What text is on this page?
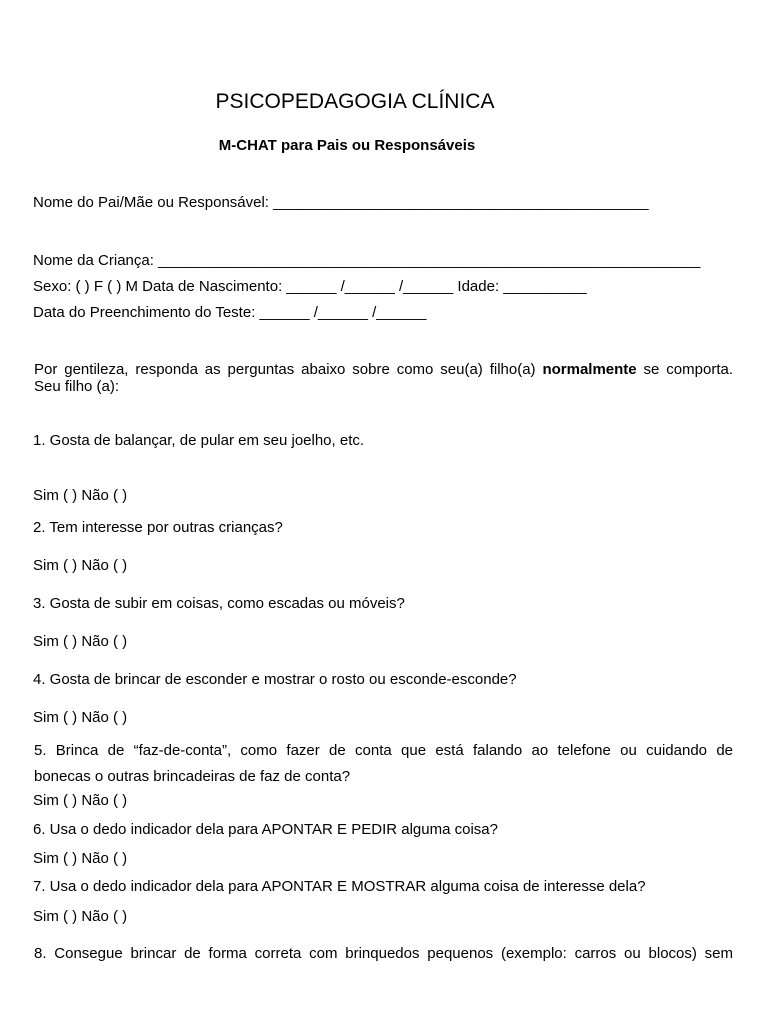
PSICOPEDAGOGIA CLÍNICA
M-CHAT para Pais ou Responsáveis
Nome do Pai/Mãe ou Responsável: _____________________________________________
Nome da Criança: _________________________________________________________________
Sexo: ( ) F ( ) M Data de Nascimento: ______ /______ /______ Idade: __________
Data do Preenchimento do Teste: ______ /______ /______
Por gentileza, responda as perguntas abaixo sobre como seu(a) filho(a) normalmente se comporta.
Seu filho (a):
1. Gosta de balançar, de pular em seu joelho, etc.
Sim ( ) Não ( )
2. Tem interesse por outras crianças?
Sim ( ) Não ( )
3. Gosta de subir em coisas, como escadas ou móveis?
Sim ( ) Não ( )
4. Gosta de brincar de esconder e mostrar o rosto ou esconde-esconde?
Sim ( ) Não ( )
5. Brinca de “faz-de-conta”, como fazer de conta que está falando ao telefone ou cuidando de
bonecas o outras brincadeiras de faz de conta?
Sim ( ) Não ( )
6. Usa o dedo indicador dela para APONTAR E PEDIR alguma coisa?
Sim ( ) Não ( )
7. Usa o dedo indicador dela para APONTAR E MOSTRAR alguma coisa de interesse dela?
Sim ( ) Não ( )
8. Consegue brincar de forma correta com brinquedos pequenos (exemplo: carros ou blocos) sem
